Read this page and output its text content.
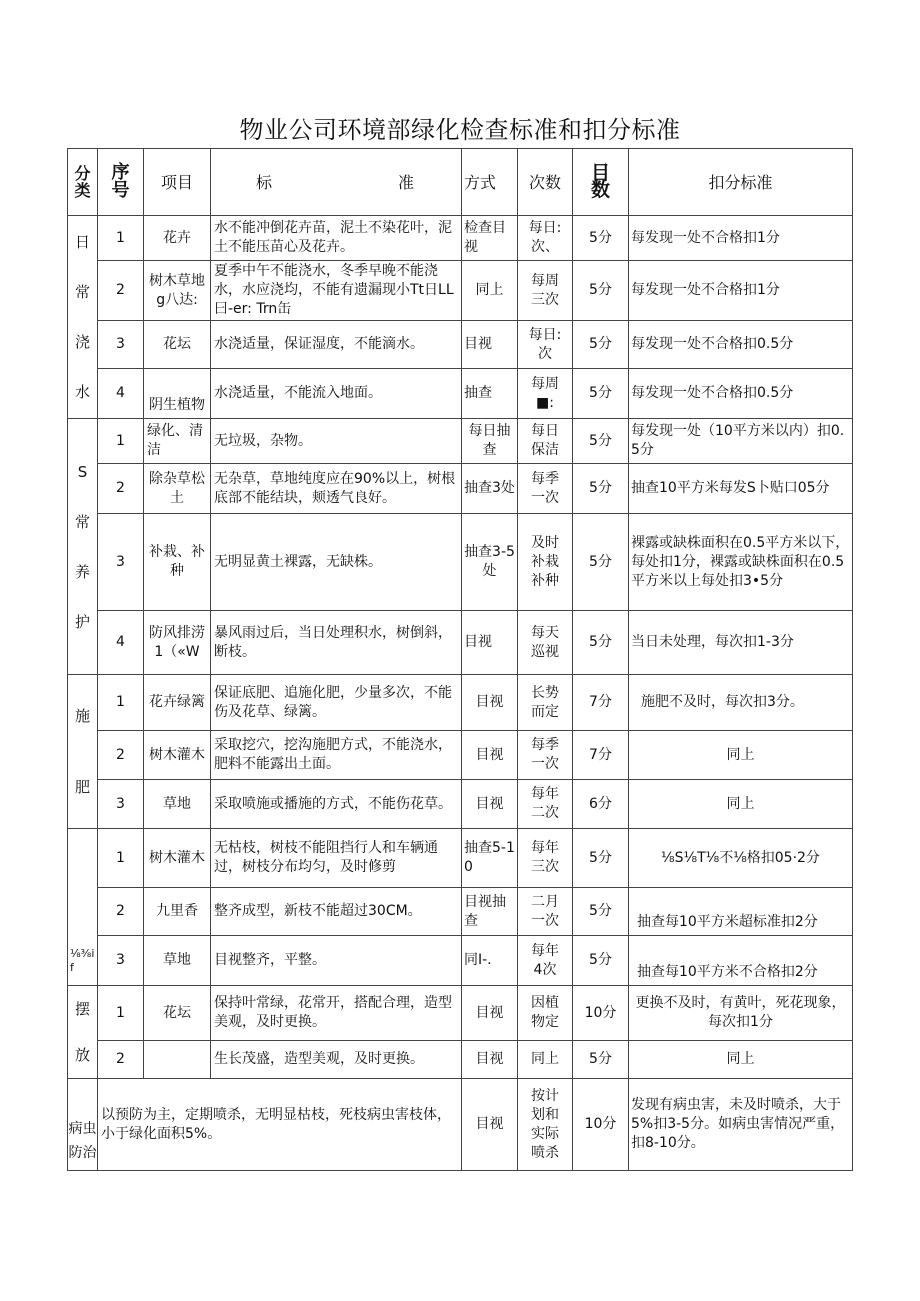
物业公司环境部绿化检查标准和扣分标准
分类	序号	项目	标准	方式	次数	目数	扣分标准

日常浇水	1	花卉	水不能冲倒花卉苗，泥土不染花叶，泥土不能压苗心及花卉。	检查目视	每日:次、	5分	每发现一处不合格扣1分
	2	树木草地g八达:	夏季中午不能浇水，冬季早晚不能浇水，水应浇均，不能有遗漏现小Tt日LL 曰-er: Trn缶	同上	每周三次	5分	每发现一处不合格扣1分
	3	花坛	水浇适量，保证湿度，不能滴水。	目视	每日:次	5分	每发现一处不合格扣0.5分
	4	阴生植物	水浇适量，不能流入地面。	抽查	每周■:	5分	每发现一处不合格扣0.5分

S常养护	1	绿化、清洁	无垃圾，杂物。	每日抽查	每日保洁	5分	每发现一处（10平方米以内）扣0.5分
	2	除杂草松土	无杂草，草地纯度应在90%以上，树根底部不能结块，颊透气良好。	抽查3处	每季一次	5分	抽查10平方米每发S卜贴口05分
	3	补栽、补种	无明显黄土裸露，无缺株。	抽查3-5处	及时补栽补种	5分	裸露或缺株面积在0.5平方米以下，每处扣1分，裸露或缺株面积在0.5平方米以上每处扣3•5分
	4	防风排涝1（«W	暴风雨过后，当日处理积水，树倒斜，断枝。	目视	每天巡视	5分	当日未处理，每次扣1-3分

施肥	1	花卉绿篱	保证底肥、追施化肥，少量多次，不能伤及花草、绿篱。	目视	长势而定	7分	施肥不及时，每次扣3分。
	2	树木灌木	采取挖穴，挖沟施肥方式，不能浇水，肥料不能露出土面。	目视	每季一次	7分	同上
	3	草地	采取喷施或播施的方式，不能伤花草。	目视	每年二次	6分	同上

⅛⅜i f	1	树木灌木	无枯枝，树枝不能阻挡行人和车辆通过，树枝分布均匀，及时修剪	抽查5-10	每年三次	5分	⅛S⅛T⅛不⅛格扣05·2分
	2	九里香	整齐成型，新枝不能超过30CM。	目视抽查	二月一次	5分	抽查每10平方米超标准扣2分
	3	草地	目视整齐，平整。	同I-.	每年4次	5分	抽查每10平方米不合格扣2分

摆放	1	花坛	保持叶常绿，花常开，搭配合理，造型美观，及时更换。	目视	因植物定	10分	更换不及时，有黄叶，死花现象，每次扣1分
	2		生长茂盛，造型美观，及时更换。	目视	同上	5分	同上

病虫防治	以预防为主，定期喷杀，无明显枯枝，死枝病虫害枝体，小于绿化面积5%。			目视	按计划和实际喷杀	10分	发现有病虫害，未及时喷杀，大于5%扣3-5分。如病虫害情况严重，扣8-10分。
